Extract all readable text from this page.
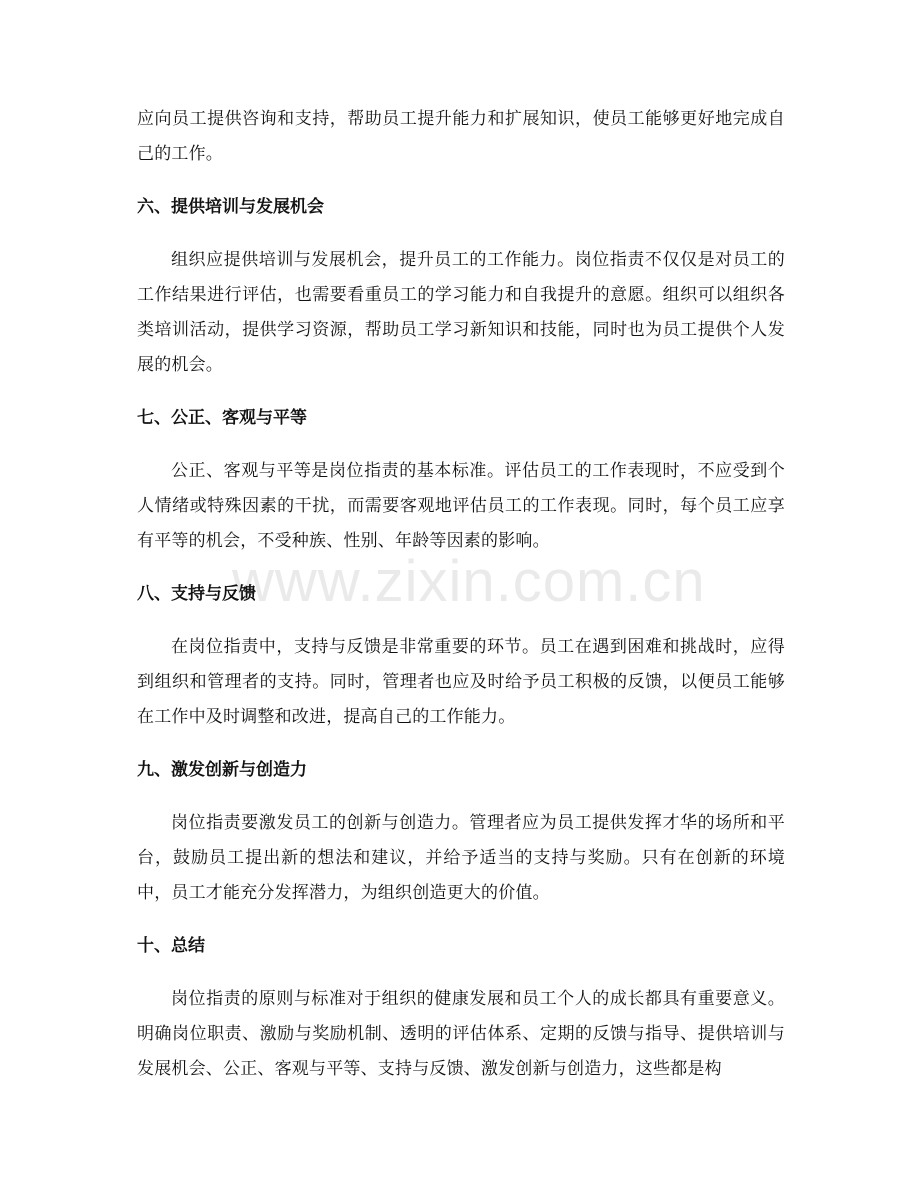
www.zixin.com.cn

应向员工提供咨询和支持，帮助员工提升能力和扩展知识，使员工能够更好地完成自己的工作。

六、提供培训与发展机会

组织应提供培训与发展机会，提升员工的工作能力。岗位指责不仅仅是对员工的工作结果进行评估，也需要看重员工的学习能力和自我提升的意愿。组织可以组织各类培训活动，提供学习资源，帮助员工学习新知识和技能，同时也为员工提供个人发展的机会。

七、公正、客观与平等

公正、客观与平等是岗位指责的基本标准。评估员工的工作表现时，不应受到个人情绪或特殊因素的干扰，而需要客观地评估员工的工作表现。同时，每个员工应享有平等的机会，不受种族、性别、年龄等因素的影响。

八、支持与反馈

在岗位指责中，支持与反馈是非常重要的环节。员工在遇到困难和挑战时，应得到组织和管理者的支持。同时，管理者也应及时给予员工积极的反馈，以便员工能够在工作中及时调整和改进，提高自己的工作能力。

九、激发创新与创造力

岗位指责要激发员工的创新与创造力。管理者应为员工提供发挥才华的场所和平台，鼓励员工提出新的想法和建议，并给予适当的支持与奖励。只有在创新的环境中，员工才能充分发挥潜力，为组织创造更大的价值。

十、总结

岗位指责的原则与标准对于组织的健康发展和员工个人的成长都具有重要意义。明确岗位职责、激励与奖励机制、透明的评估体系、定期的反馈与指导、提供培训与发展机会、公正、客观与平等、支持与反馈、激发创新与创造力，这些都是构
